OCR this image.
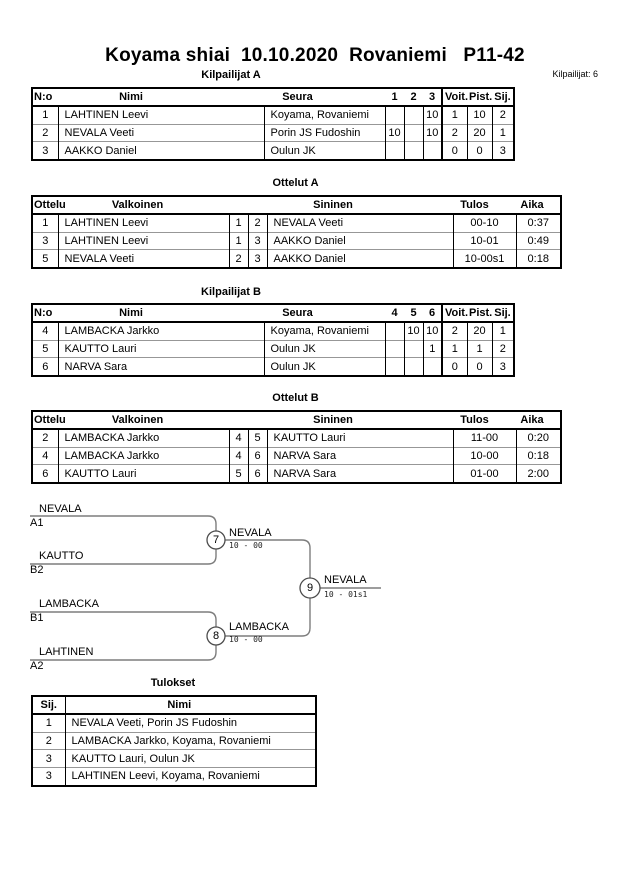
Koyama shiai  10.10.2020  Rovaniemi   P11-42
Kilpailijat A	Kilpailijat: 6
N:o	Nimi	Seura	1	2	3	Voit.	Pist.	Sij.
1	LAHTINEN Leevi	Koyama, Rovaniemi			10	1	10	2
2	NEVALA Veeti	Porin JS Fudoshin	10		10	2	20	1
3	AAKKO Daniel	Oulun JK				0	0	3
Ottelut A
Ottelu	Valkoinen			Sininen	Tulos	Aika
1	LAHTINEN Leevi	1	2	NEVALA Veeti	00-10	0:37
3	LAHTINEN Leevi	1	3	AAKKO Daniel	10-01	0:49
5	NEVALA Veeti	2	3	AAKKO Daniel	10-00s1	0:18
Kilpailijat B
N:o	Nimi	Seura	4	5	6	Voit.	Pist.	Sij.
4	LAMBACKA Jarkko	Koyama, Rovaniemi		10	10	2	20	1
5	KAUTTO Lauri	Oulun JK			1	1	1	2
6	NARVA Sara	Oulun JK				0	0	3
Ottelut B
Ottelu	Valkoinen			Sininen	Tulos	Aika
2	LAMBACKA Jarkko	4	5	KAUTTO Lauri	11-00	0:20
4	LAMBACKA Jarkko	4	6	NARVA Sara	10-00	0:18
6	KAUTTO Lauri	5	6	NARVA Sara	01-00	2:00
NEVALA
A1
KAUTTO
B2
LAMBACKA
B1
LAHTINEN
A2
7
NEVALA
10 - 00
8
LAMBACKA
10 - 00
9
NEVALA
10 - 01s1
Tulokset
Sij.	Nimi
1	NEVALA Veeti, Porin JS Fudoshin
2	LAMBACKA Jarkko, Koyama, Rovaniemi
3	KAUTTO Lauri, Oulun JK
3	LAHTINEN Leevi, Koyama, Rovaniemi
